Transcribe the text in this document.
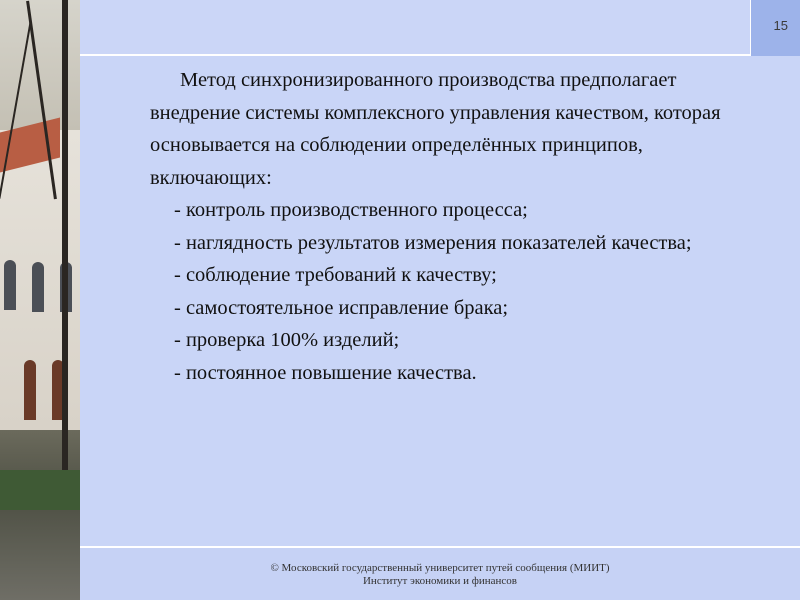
15

Метод синхронизированного производства предполагает внедрение системы комплексного управления качеством, которая основывается на соблюдении определённых принципов, включающих:

- контроль производственного процесса;

- наглядность результатов измерения показателей качества;

- соблюдение требований к качеству;

- самостоятельное исправление брака;

- проверка 100% изделий;

- постоянное повышение качества.

© Московский государственный университет путей сообщения (МИИТ)
Институт экономики и финансов
